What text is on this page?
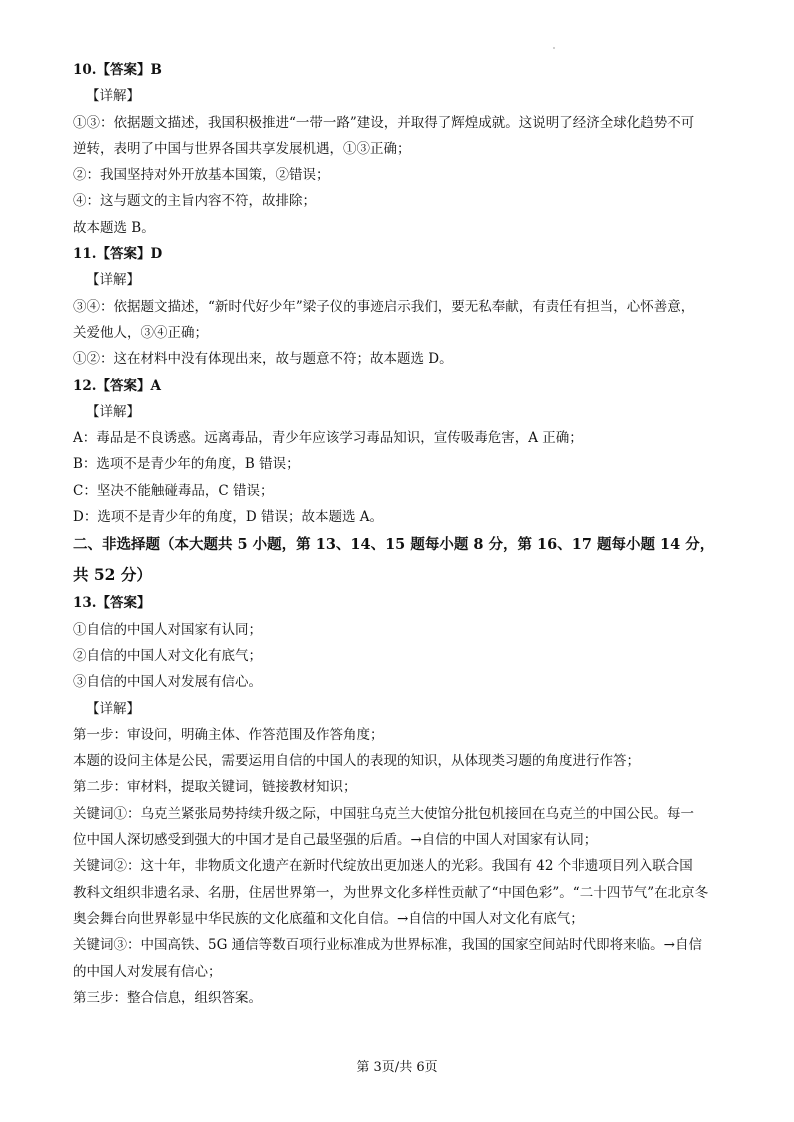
10.【答案】B
【详解】
①③：依据题文描述，我国积极推进“一带一路”建设，并取得了辉煌成就。这说明了经济全球化趋势不可
逆转，表明了中国与世界各国共享发展机遇，①③正确；
②：我国坚持对外开放基本国策，②错误；
④：这与题文的主旨内容不符，故排除；
故本题选 B。
11.【答案】D
【详解】
③④：依据题文描述，“新时代好少年”梁子仪的事迹启示我们，要无私奉献，有责任有担当，心怀善意，
关爱他人，③④正确；
①②：这在材料中没有体现出来，故与题意不符；故本题选 D。
12.【答案】A
【详解】
A：毒品是不良诱惑。远离毒品，青少年应该学习毒品知识，宣传吸毒危害，A 正确；
B：选项不是青少年的角度，B 错误；
C：坚决不能触碰毒品，C 错误；
D：选项不是青少年的角度，D 错误；故本题选 A。
二、非选择题（本大题共 5 小题，第 13、14、15 题每小题 8 分，第 16、17 题每小题 14 分，
共 52 分）
13.【答案】
①自信的中国人对国家有认同；
②自信的中国人对文化有底气；
③自信的中国人对发展有信心。
【详解】
第一步：审设问，明确主体、作答范围及作答角度；
本题的设问主体是公民，需要运用自信的中国人的表现的知识，从体现类习题的角度进行作答；
第二步：审材料，提取关键词，链接教材知识；
关键词①：乌克兰紧张局势持续升级之际，中国驻乌克兰大使馆分批包机接回在乌克兰的中国公民。每一
位中国人深切感受到强大的中国才是自己最坚强的后盾。→自信的中国人对国家有认同；
关键词②：这十年，非物质文化遗产在新时代绽放出更加迷人的光彩。我国有 42 个非遗项目列入联合国
教科文组织非遗名录、名册，住居世界第一，为世界文化多样性贡献了“中国色彩”。“二十四节气”在北京冬
奥会舞台向世界彰显中华民族的文化底蕴和文化自信。→自信的中国人对文化有底气；
关键词③：中国高铁、5G 通信等数百项行业标准成为世界标准，我国的国家空间站时代即将来临。→自信
的中国人对发展有信心；
第三步：整合信息，组织答案。
第 3页/共 6页
